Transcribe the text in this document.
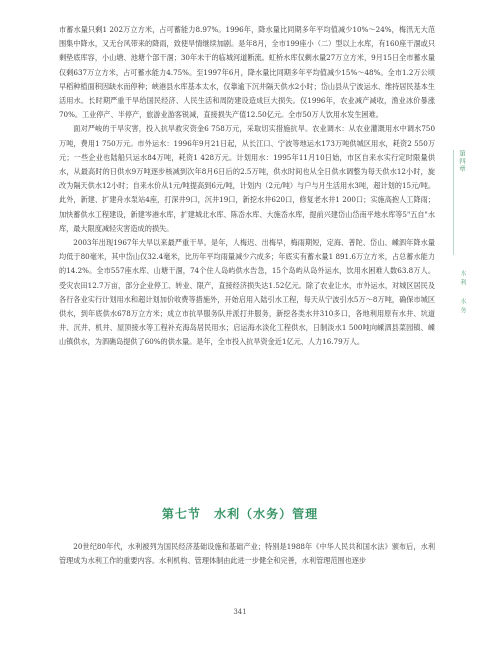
市蓄水量只剩1 202万立方米，占可蓄能力8.97%。1996年，降水量比同期多年平均值减少10%～24%，梅汛无大范围集中降水，又无台风带来的降雨，致使旱情继续加剧。是年8月，全市199座小（二）型以上水库，有160座干涸或只剩垫底库容，小山塘、池塘个部干涸；30年未干的临城河道断流。虹桥水库仅剩水量27万立方米，9月15日全市蓄水量仅剩637万立方米，占可蓄水能力4.75%。至1997年6月，降水量比同期多年平均值减少15%～48%。全市1.2万公顷早稻种植面积因缺水而停种；峡港县水库基本太水，仅靠逾下沉井隔天供水2小时；岱山县从宁波运水、维持居民基本生活用水。长时期严重干旱给国民经济、人民生活和周防建设造成巨大损失。仅1996年，农业减产减收，渔业冰价暴涨70%。工业停产、半停产，旅游业游客锐减，直接损失产值12.50亿元。全市50万人饮用水发生困难。

面对严峻的干旱灾害，投入抗旱救灾资金6 758万元，采取切实措施抗旱。农业调水：从农业灌溉用水中调水750万吨，费用1 750万元。市外运水：1996年9月21日起，从长江口、宁波等地运水173万吨供城区用水，耗资2 550万元；一些企业也陆船只运水84万吨，耗资1 428万元。计划用水：1995年11月10日始，市区自来水实行定时限量供水，从最高时的日供水9万吨逐步核减到次年8月6日后的2.5万吨，供水时间也从全日供水调整为每天供水12小时，旋改为隔天供水12小时；自来水价从1元/吨提高到6元/吨，计划内（2元/吨）与户与月生活用水3吨，超计划的15元/吨。此外，新建、扩建舟水泵站4座，打深井9口，沉井19口，新挖水井620口，修复老水井1 200口；实施高抱人工降雨；加快蓄供水工程建设，新建岑港水库，扩建城北水库、陈岙水库、大施岙水库，提前兴建岱山岱南平地水库等5"五自"水库，最大限度减轻灾害造成的损失。

2003年出现1967年大旱以来最严重干旱。是年，人梅迟、出梅早，梅雨期短，定海、普陀、岱山、嵊泗年降水量均低于80毫米，其中岱山仅32.4毫米，比历年平均雨量减少六成多；年底实有蓄水量1 891.6万立方米，占总蓄水能力的14.2%。全市557座水库、山塘干涸，74个住人岛屿供水告急，15个岛屿从岛外运水，饮用水困难人数63.8万人。受灾农田12.7万亩，部分企业停工、转业、限产，直接经济损失达1.52亿元。除了农业让水，市外运水，对城区居民及各行各业实行计划用水和超计划加价收费等措施外，开始启用入陆引水工程，每天从宁波引水5万～8万吨，确保市城区供水，到年底供水678万立方米；成立市抗旱服务队并派打井服务，新挖各类水井310多口，各地利用原有水井、坑道井、沉井、机井、屋顶接水等工程补充海岛居民用水；启运海水淡化工程供水，日制淡水1 500吨向嵊泗县菜园镇、嵊山镇供水，为泗礁岛提供了60%的供水量。是年，全市投入抗旱资金近1亿元、人力16.79万人。

第七节 水利（水务）管理

20世纪80年代，水利被列为国民经济基础设施和基础产业；特别是1988年《中华人民共和国水法》颁布后，水利管理成为水利工作的重要内容。水利机构、管理体制由此进一步健全和完善，水利管理范围也逐步

341
第四章
水利
水务
